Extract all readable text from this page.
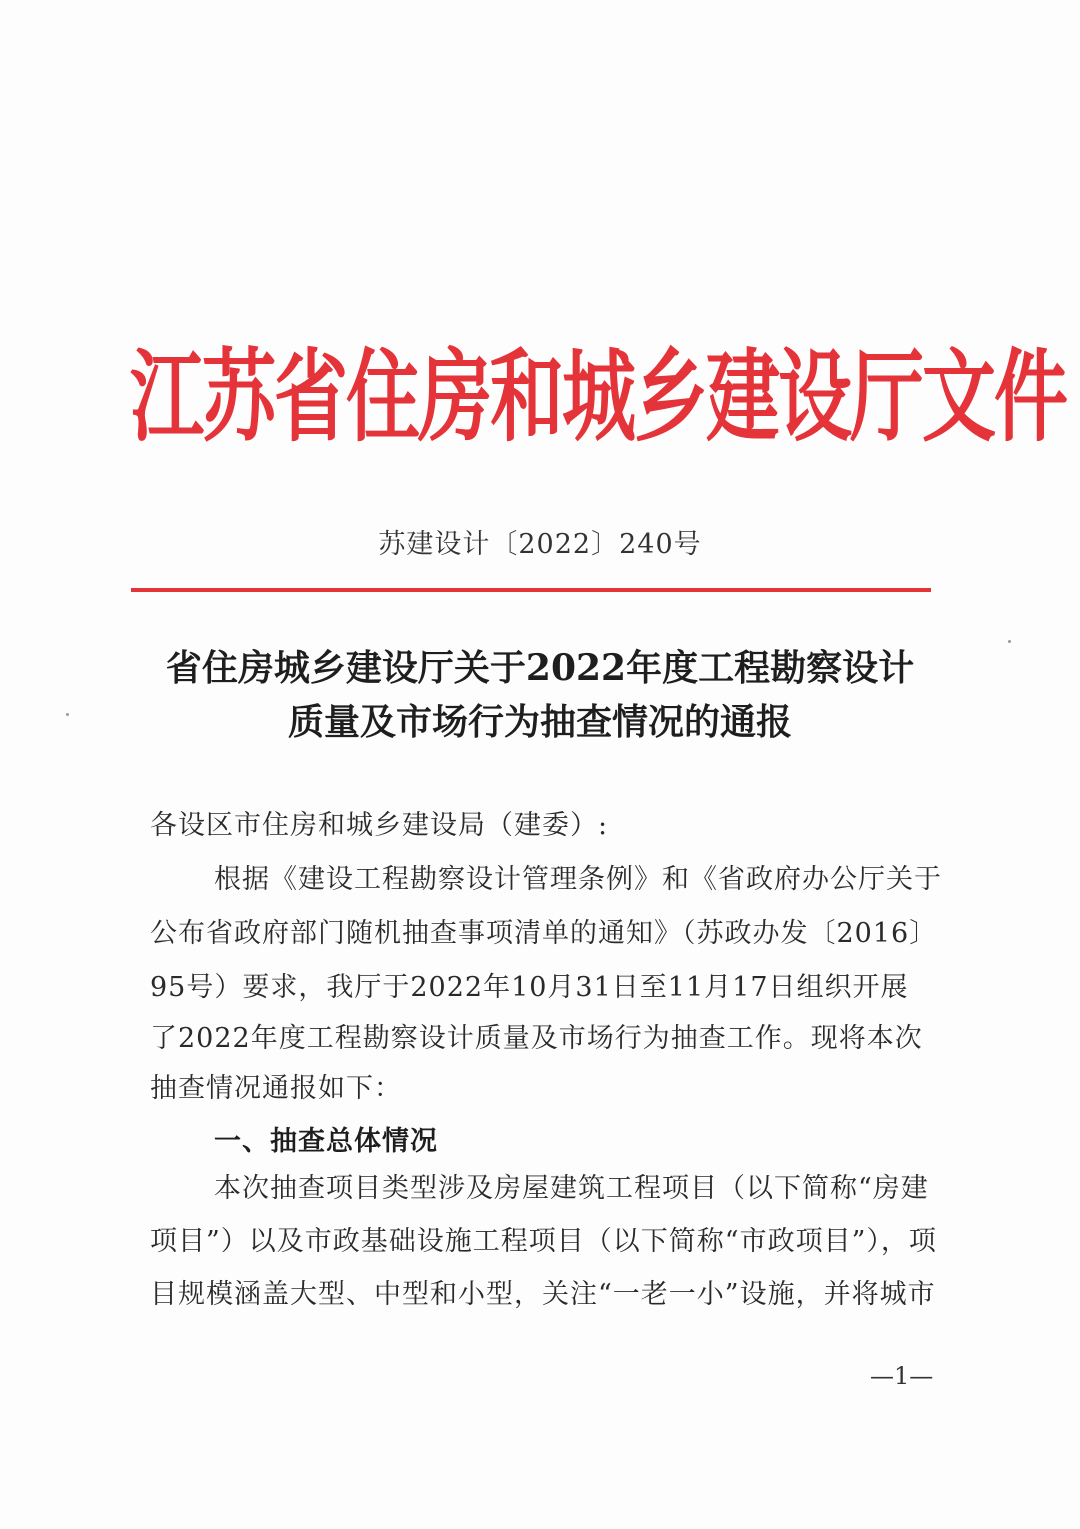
江苏省住房和城乡建设厅文件
苏建设计〔2022〕240号
省住房城乡建设厅关于2022年度工程勘察设计
质量及市场行为抽查情况的通报
各设区市住房和城乡建设局（建委）:
根据《建设工程勘察设计管理条例》和《省政府办公厅关于
公布省政府部门随机抽查事项清单的通知》（苏政办发〔2016〕
95号）要求，我厅于2022年10月31日至11月17日组织开展
了2022年度工程勘察设计质量及市场行为抽查工作。现将本次
抽查情况通报如下：
一、抽查总体情况
本次抽查项目类型涉及房屋建筑工程项目（以下简称“房建
项目”）以及市政基础设施工程项目（以下简称“市政项目”），项
目规模涵盖大型、中型和小型，关注“一老一小”设施，并将城市
—1—
